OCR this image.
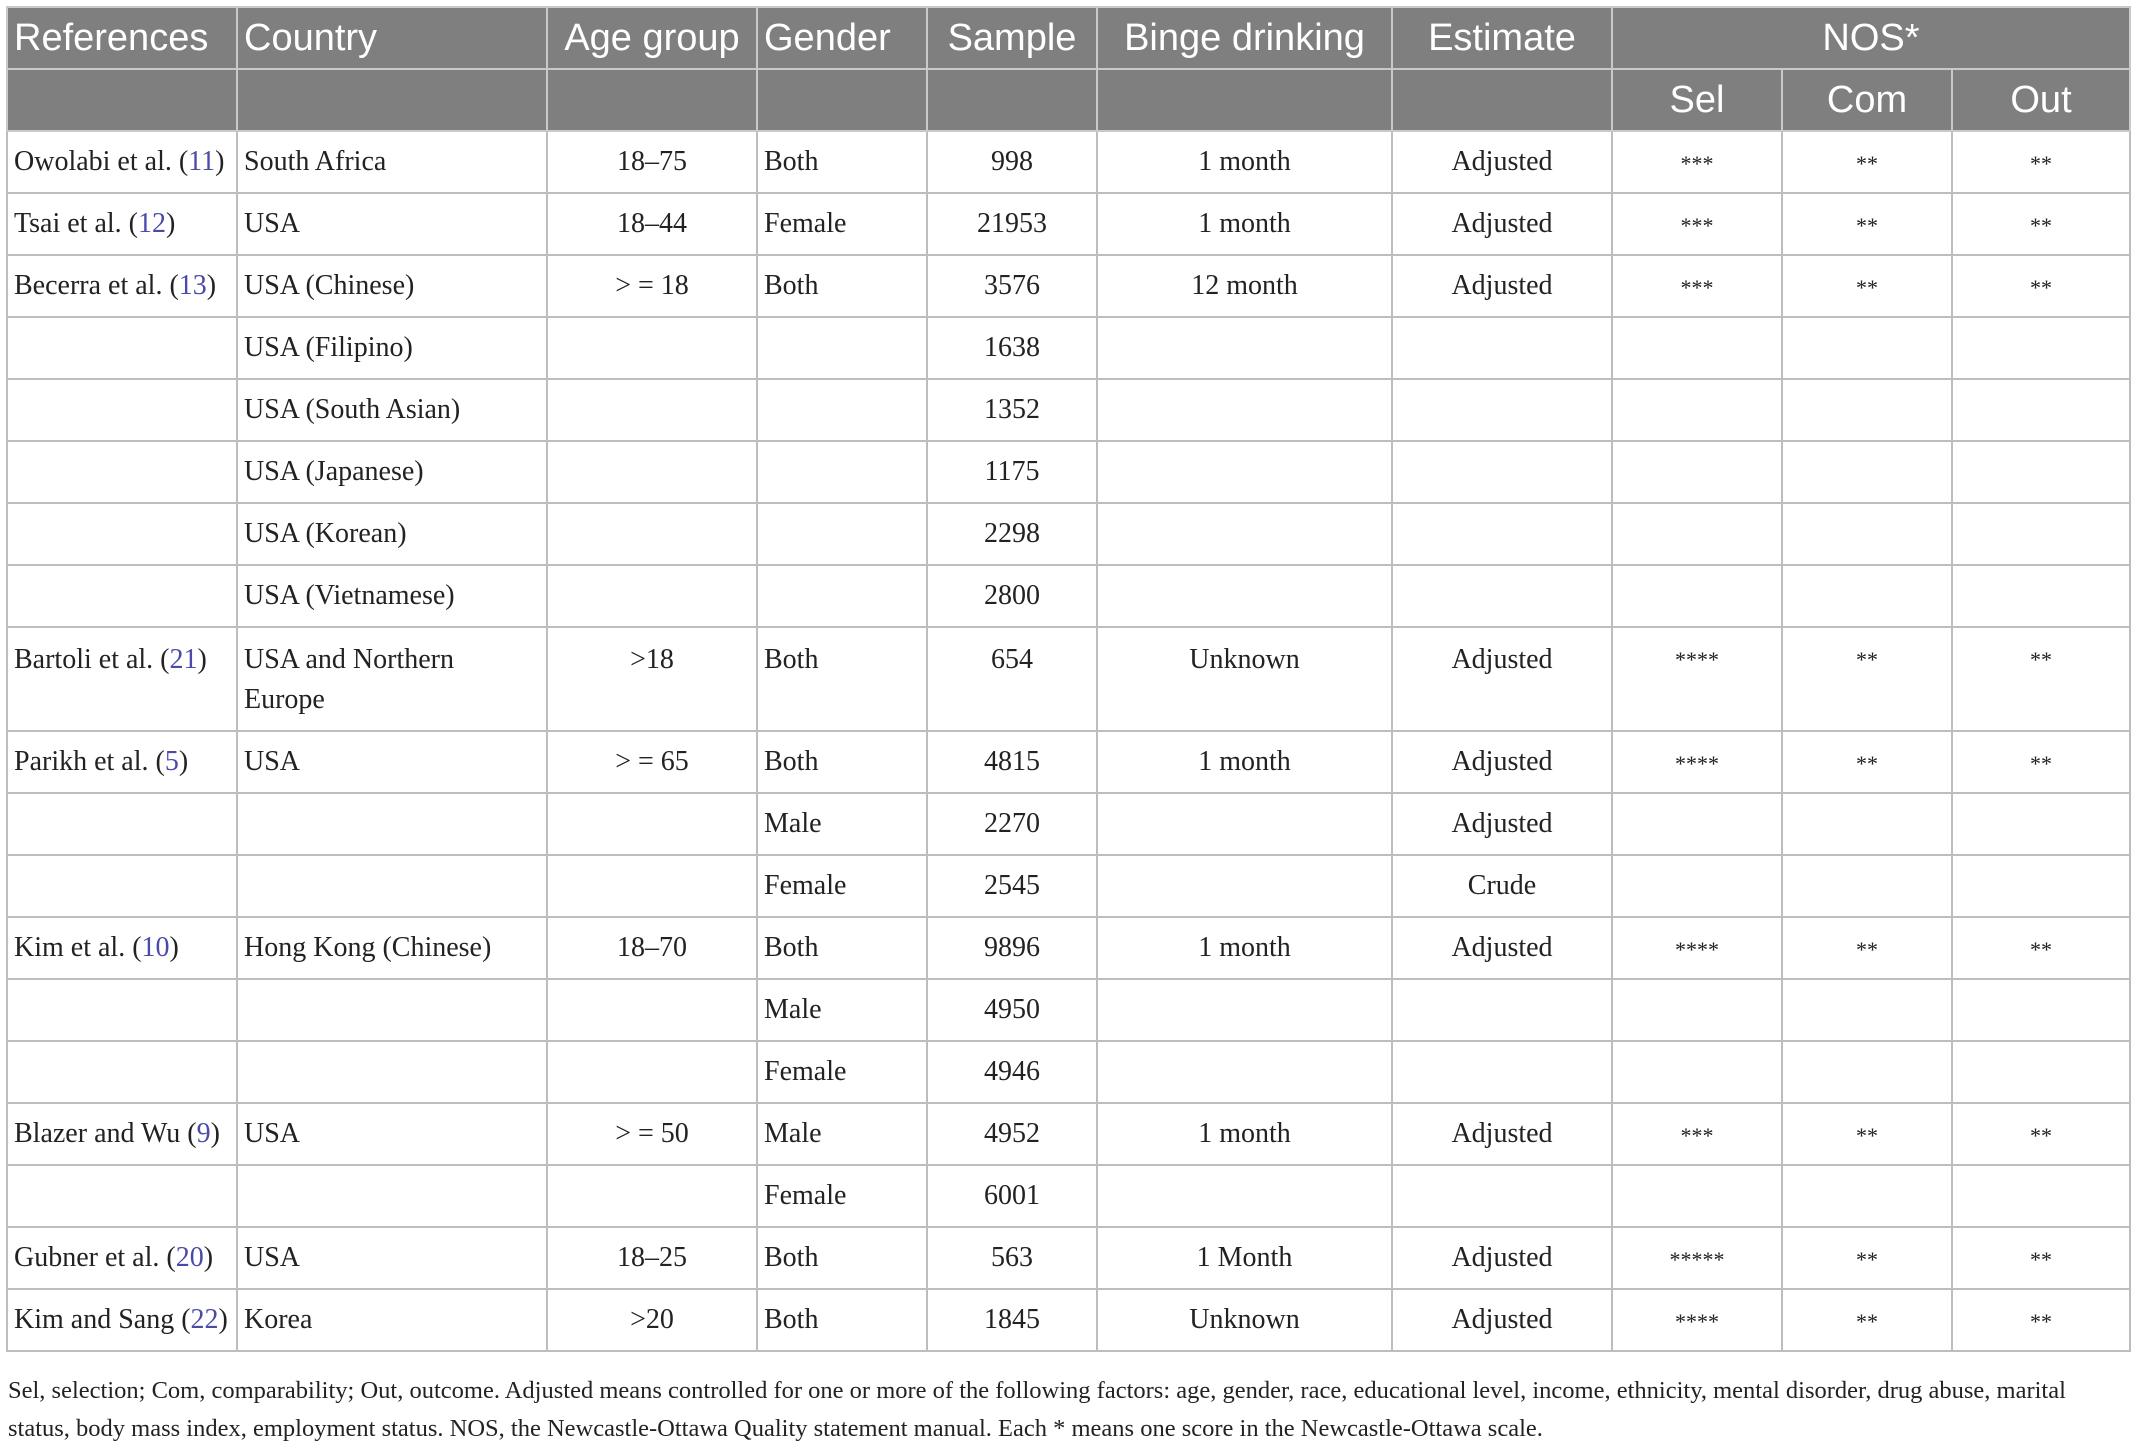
References	Country	Age group	Gender	Sample	Binge drinking	Estimate	NOS*		
							Sel	Com	Out
Owolabi et al. (11)	South Africa	18–75	Both	998	1 month	Adjusted	***	**	**
Tsai et al. (12)	USA	18–44	Female	21953	1 month	Adjusted	***	**	**
Becerra et al. (13)	USA (Chinese)	> = 18	Both	3576	12 month	Adjusted	***	**	**
	USA (Filipino)			1638					
	USA (South Asian)			1352					
	USA (Japanese)			1175					
	USA (Korean)			2298					
	USA (Vietnamese)			2800					
Bartoli et al. (21)	USA and Northern Europe	>18	Both	654	Unknown	Adjusted	****	**	**
Parikh et al. (5)	USA	> = 65	Both	4815	1 month	Adjusted	****	**	**
			Male	2270		Adjusted			
			Female	2545		Crude			
Kim et al. (10)	Hong Kong (Chinese)	18–70	Both	9896	1 month	Adjusted	****	**	**
			Male	4950					
			Female	4946					
Blazer and Wu (9)	USA	> = 50	Male	4952	1 month	Adjusted	***	**	**
			Female	6001					
Gubner et al. (20)	USA	18–25	Both	563	1 Month	Adjusted	*****	**	**
Kim and Sang (22)	Korea	>20	Both	1845	Unknown	Adjusted	****	**	**
Sel, selection; Com, comparability; Out, outcome. Adjusted means controlled for one or more of the following factors: age, gender, race, educational level, income, ethnicity, mental disorder, drug abuse, marital status, body mass index, employment status. NOS, the Newcastle-Ottawa Quality statement manual. Each * means one score in the Newcastle-Ottawa scale.
